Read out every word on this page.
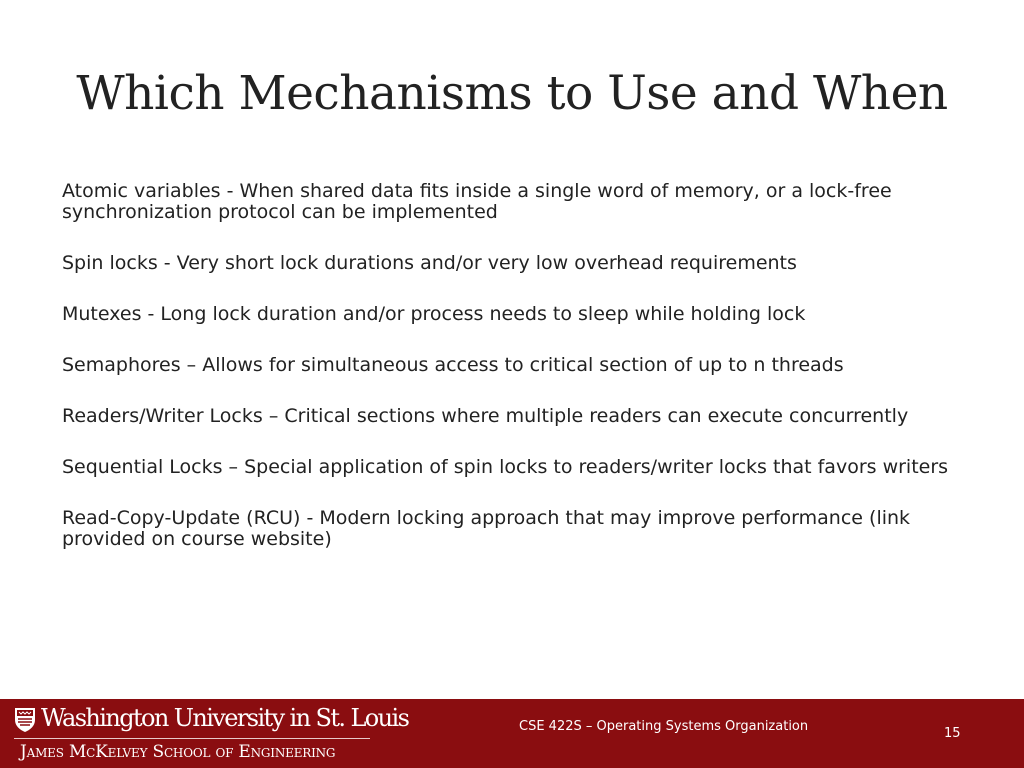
Which Mechanisms to Use and When
Atomic variables - When shared data fits inside a single word of memory, or a lock-free synchronization protocol can be implemented
Spin locks - Very short lock durations and/or very low overhead requirements
Mutexes - Long lock duration and/or process needs to sleep while holding lock
Semaphores – Allows for simultaneous access to critical section of up to n threads
Readers/Writer Locks – Critical sections where multiple readers can execute concurrently
Sequential Locks – Special application of spin locks to readers/writer locks that favors writers
Read-Copy-Update (RCU) - Modern locking approach that may improve performance (link provided on course website)
Washington University in St. Louis
James McKelvey School of Engineering
CSE 422S – Operating Systems Organization	15
